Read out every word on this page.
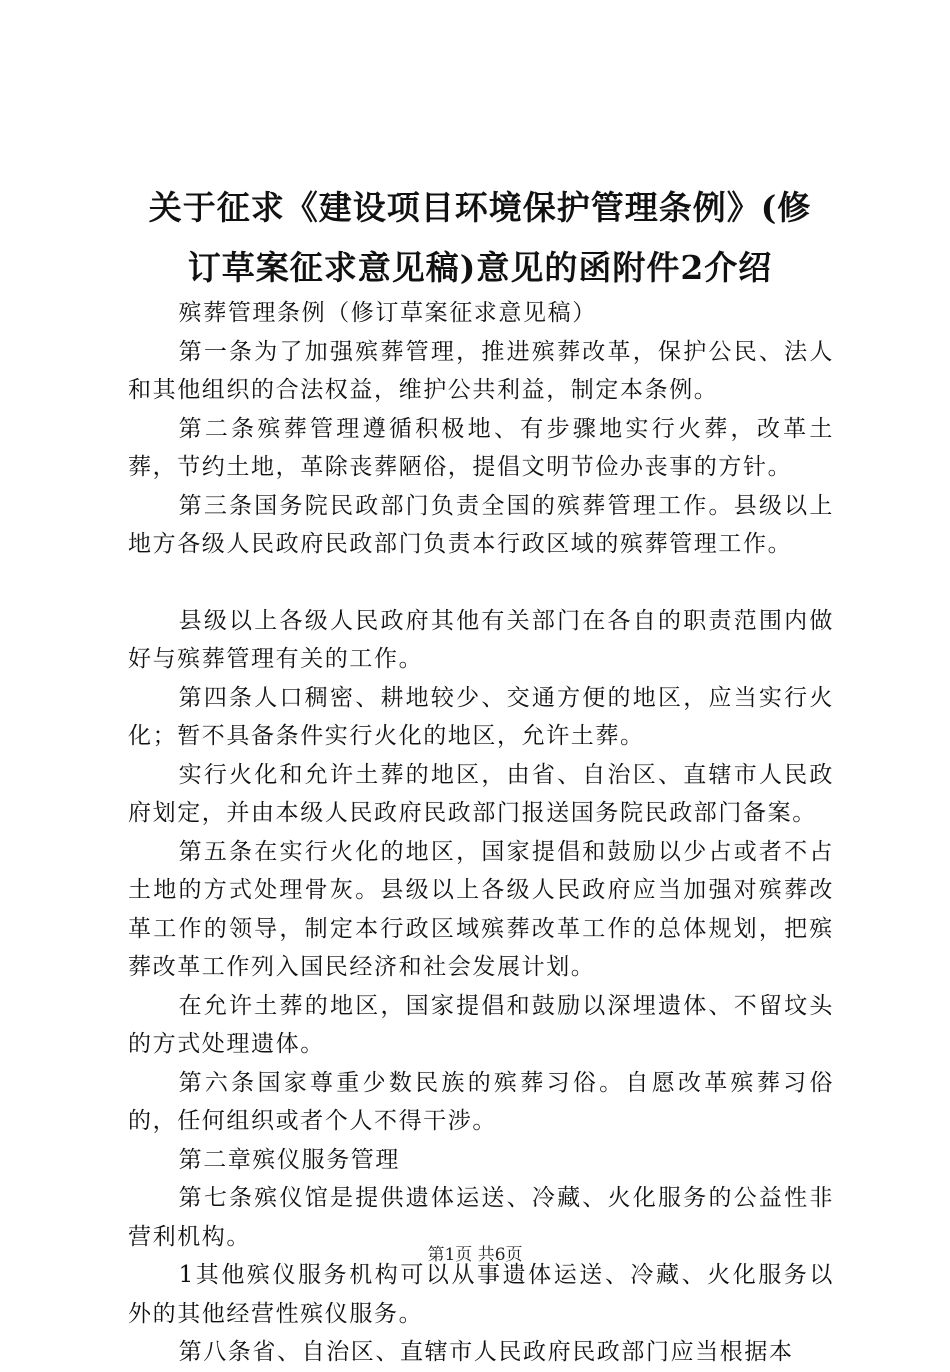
关于征求《建设项目环境保护管理条例》(修
订草案征求意见稿)意见的函附件2介绍

殡葬管理条例（修订草案征求意见稿）

第一条为了加强殡葬管理，推进殡葬改革，保护公民、法人和其他组织的合法权益，维护公共利益，制定本条例。

第二条殡葬管理遵循积极地、有步骤地实行火葬，改革土葬，节约土地，革除丧葬陋俗，提倡文明节俭办丧事的方针。

第三条国务院民政部门负责全国的殡葬管理工作。县级以上地方各级人民政府民政部门负责本行政区域的殡葬管理工作。

县级以上各级人民政府其他有关部门在各自的职责范围内做好与殡葬管理有关的工作。

第四条人口稠密、耕地较少、交通方便的地区，应当实行火化；暂不具备条件实行火化的地区，允许土葬。

实行火化和允许土葬的地区，由省、自治区、直辖市人民政府划定，并由本级人民政府民政部门报送国务院民政部门备案。

第五条在实行火化的地区，国家提倡和鼓励以少占或者不占土地的方式处理骨灰。县级以上各级人民政府应当加强对殡葬改革工作的领导，制定本行政区域殡葬改革工作的总体规划，把殡葬改革工作列入国民经济和社会发展计划。

在允许土葬的地区，国家提倡和鼓励以深埋遗体、不留坟头的方式处理遗体。

第六条国家尊重少数民族的殡葬习俗。自愿改革殡葬习俗的，任何组织或者个人不得干涉。

第二章殡仪服务管理

第七条殡仪馆是提供遗体运送、冷藏、火化服务的公益性非营利机构。

1其他殡仪服务机构可以从事遗体运送、冷藏、火化服务以外的其他经营性殡仪服务。

第八条省、自治区、直辖市人民政府民政部门应当根据本

第1页 共6页
